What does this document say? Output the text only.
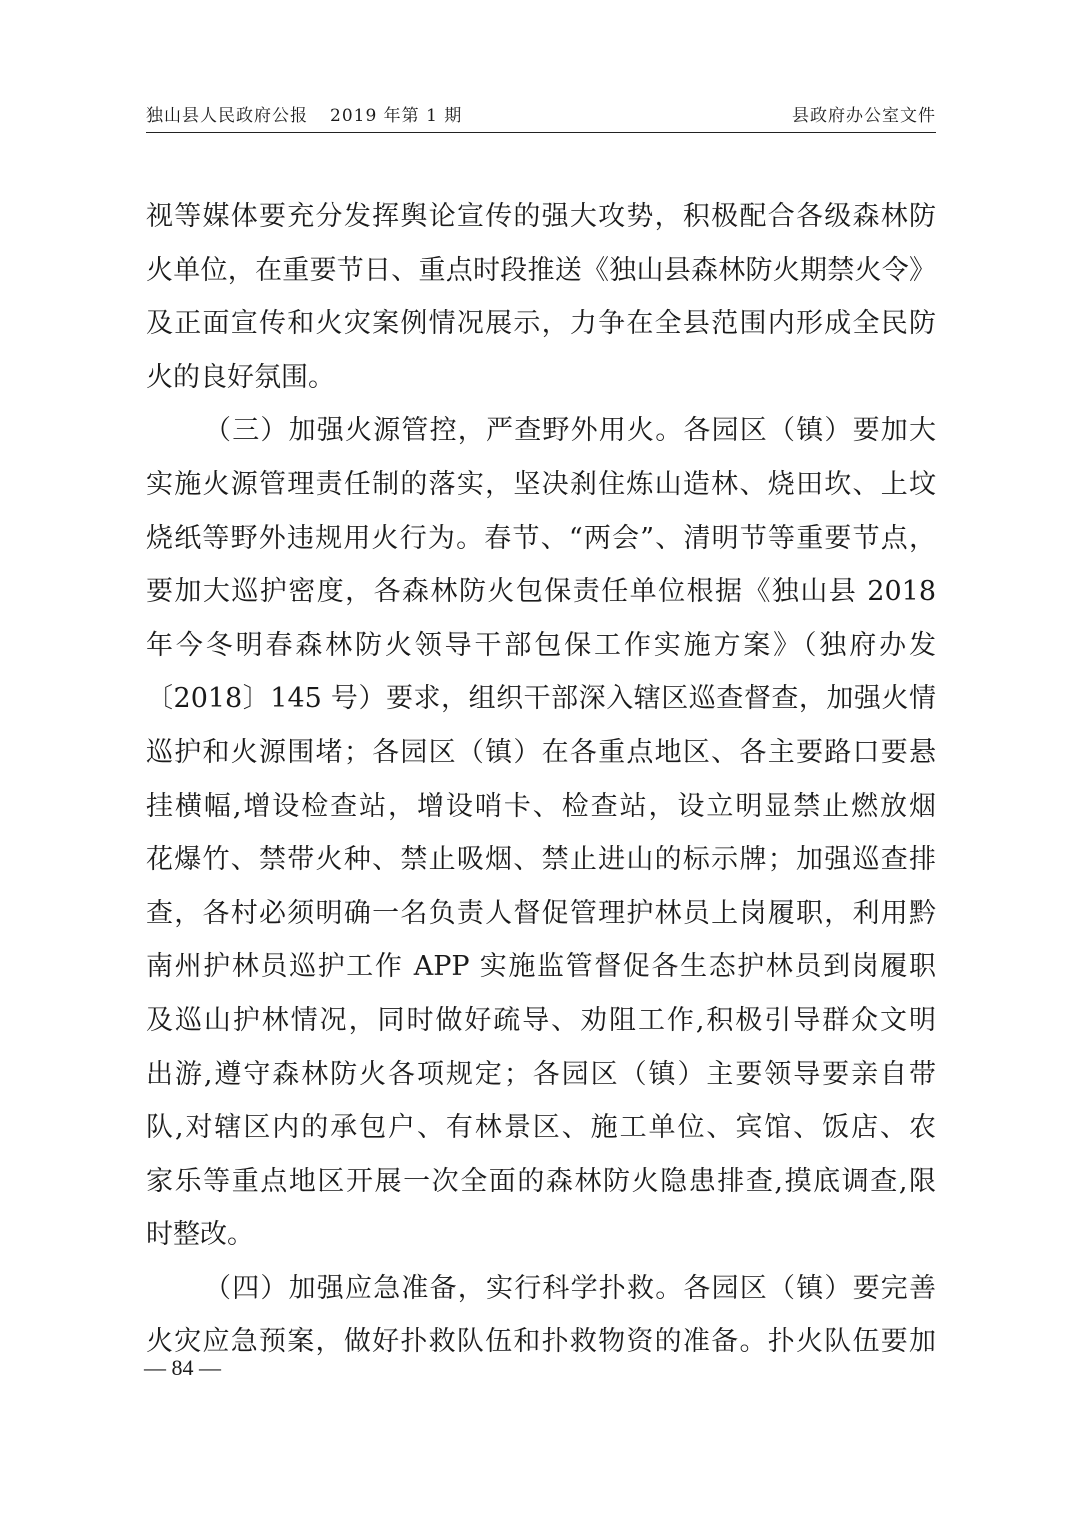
独山县人民政府公报 2019 年第 1 期	县政府办公室文件
视等媒体要充分发挥舆论宣传的强大攻势，积极配合各级森林防
火单位，在重要节日、重点时段推送《独山县森林防火期禁火令》
及正面宣传和火灾案例情况展示，力争在全县范围内形成全民防
火的良好氛围。
（三）加强火源管控，严查野外用火。各园区（镇）要加大
实施火源管理责任制的落实，坚决刹住炼山造林、烧田坎、上坟
烧纸等野外违规用火行为。春节、“两会”、清明节等重要节点，
要加大巡护密度，各森林防火包保责任单位根据《独山县 2018
年今冬明春森林防火领导干部包保工作实施方案》（独府办发
〔2018〕145 号）要求，组织干部深入辖区巡查督查，加强火情
巡护和火源围堵；各园区（镇）在各重点地区、各主要路口要悬
挂横幅,增设检查站，增设哨卡、检查站，设立明显禁止燃放烟
花爆竹、禁带火种、禁止吸烟、禁止进山的标示牌；加强巡查排
查，各村必须明确一名负责人督促管理护林员上岗履职，利用黔
南州护林员巡护工作 APP 实施监管督促各生态护林员到岗履职
及巡山护林情况，同时做好疏导、劝阻工作,积极引导群众文明
出游,遵守森林防火各项规定；各园区（镇）主要领导要亲自带
队,对辖区内的承包户、有林景区、施工单位、宾馆、饭店、农
家乐等重点地区开展一次全面的森林防火隐患排查,摸底调查,限
时整改。
（四）加强应急准备，实行科学扑救。各园区（镇）要完善
火灾应急预案，做好扑救队伍和扑救物资的准备。扑火队伍要加
— 84 —
